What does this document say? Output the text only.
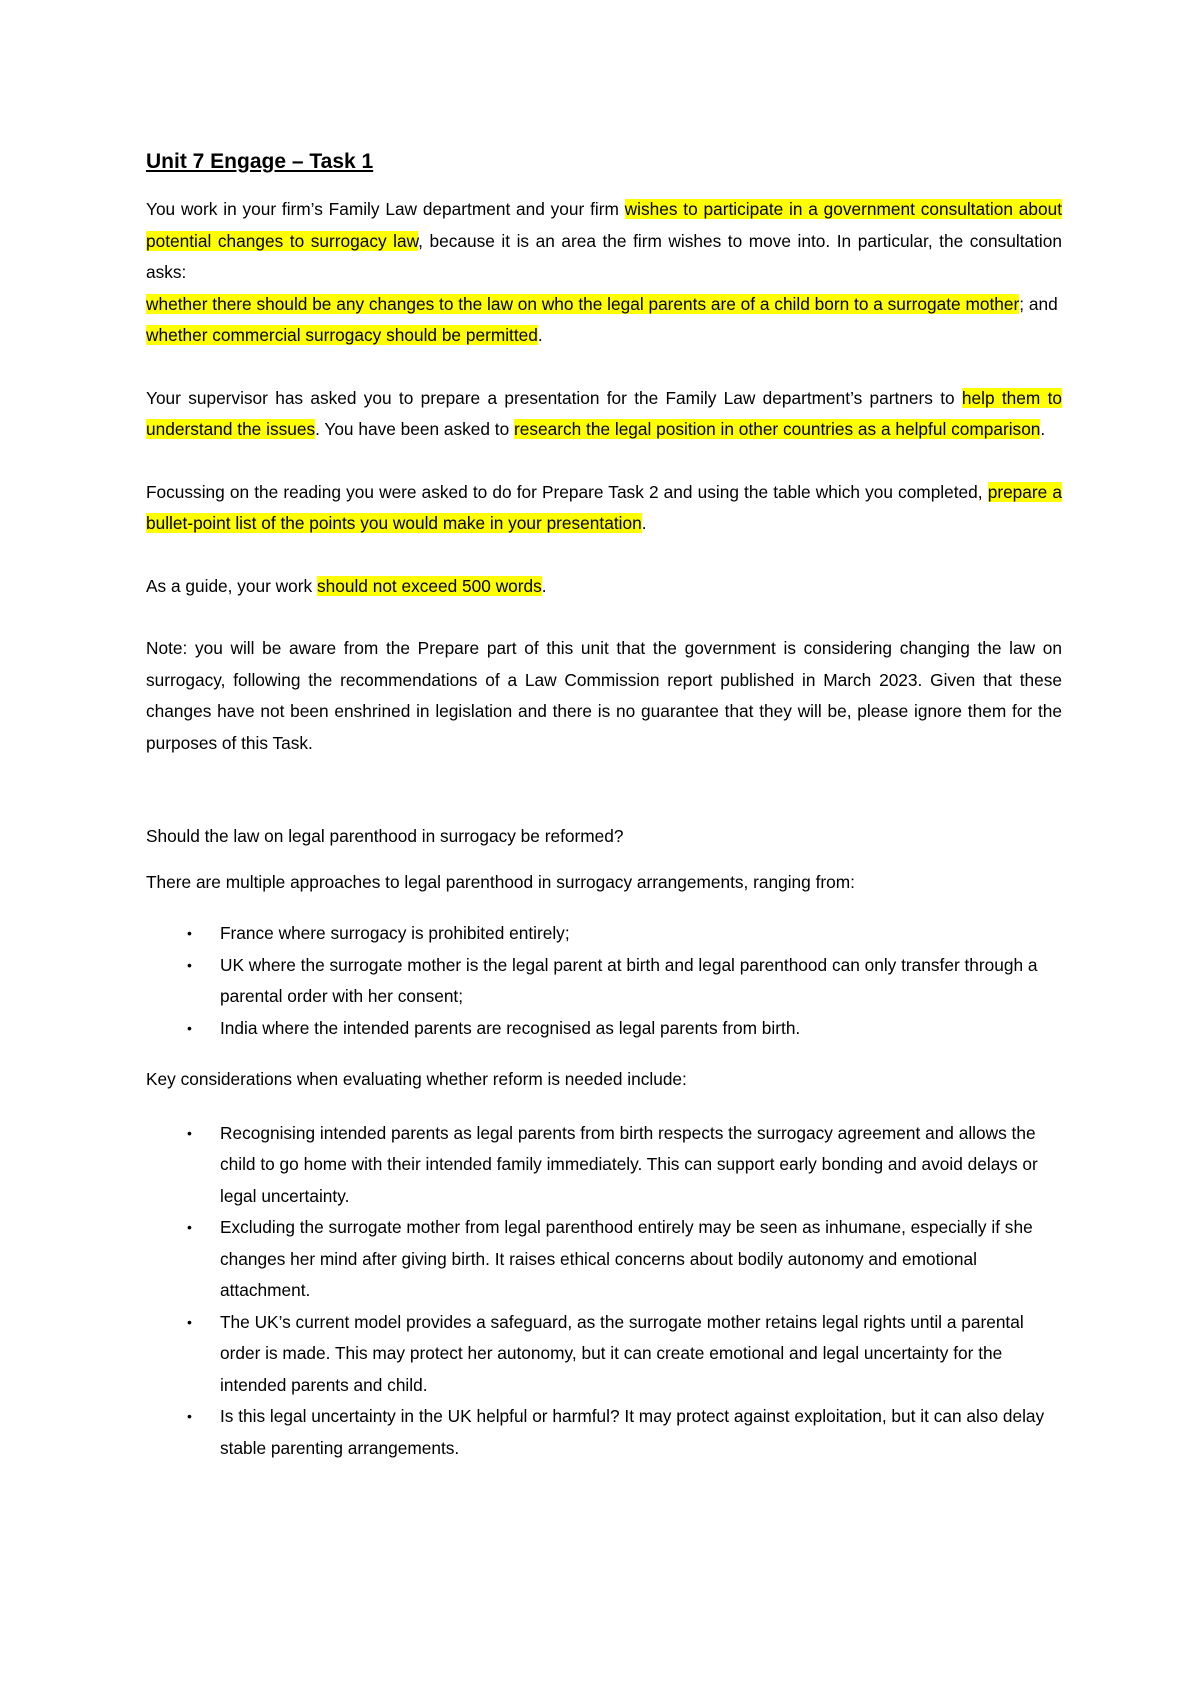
Unit 7 Engage – Task 1

You work in your firm’s Family Law department and your firm wishes to participate in a government consultation about potential changes to surrogacy law, because it is an area the firm wishes to move into. In particular, the consultation asks:

whether there should be any changes to the law on who the legal parents are of a child born to a surrogate mother; and

whether commercial surrogacy should be permitted.

Your supervisor has asked you to prepare a presentation for the Family Law department’s partners to help them to understand the issues. You have been asked to research the legal position in other countries as a helpful comparison.

Focussing on the reading you were asked to do for Prepare Task 2 and using the table which you completed, prepare a bullet-point list of the points you would make in your presentation.

As a guide, your work should not exceed 500 words.

Note: you will be aware from the Prepare part of this unit that the government is considering changing the law on surrogacy, following the recommendations of a Law Commission report published in March 2023. Given that these changes have not been enshrined in legislation and there is no guarantee that they will be, please ignore them for the purposes of this Task.

Should the law on legal parenthood in surrogacy be reformed?

There are multiple approaches to legal parenthood in surrogacy arrangements, ranging from:

• France where surrogacy is prohibited entirely;
• UK where the surrogate mother is the legal parent at birth and legal parenthood can only transfer through a parental order with her consent;
• India where the intended parents are recognised as legal parents from birth.

Key considerations when evaluating whether reform is needed include:

• Recognising intended parents as legal parents from birth respects the surrogacy agreement and allows the child to go home with their intended family immediately. This can support early bonding and avoid delays or legal uncertainty.
• Excluding the surrogate mother from legal parenthood entirely may be seen as inhumane, especially if she changes her mind after giving birth. It raises ethical concerns about bodily autonomy and emotional attachment.
• The UK’s current model provides a safeguard, as the surrogate mother retains legal rights until a parental order is made. This may protect her autonomy, but it can create emotional and legal uncertainty for the intended parents and child.
• Is this legal uncertainty in the UK helpful or harmful? It may protect against exploitation, but it can also delay stable parenting arrangements.
